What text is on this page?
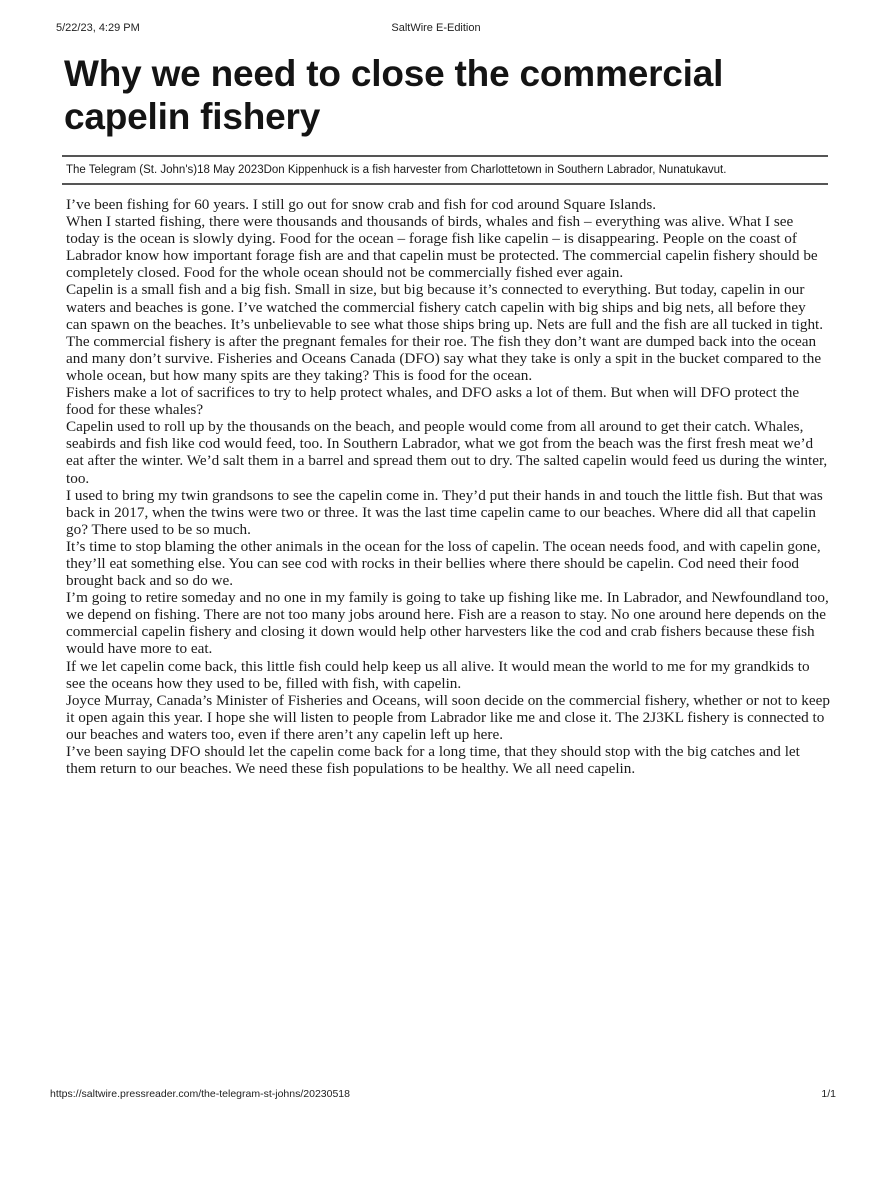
5/22/23, 4:29 PM	SaltWire E-Edition
Why we need to close the commercial capelin fishery
The Telegram (St. John's)18 May 2023Don Kippenhuck is a fish harvester from Charlottetown in Southern Labrador, Nunatukavut.

I’ve been fishing for 60 years. I still go out for snow crab and fish for cod around Square Islands.

When I started fishing, there were thousands and thousands of birds, whales and fish – everything was alive. What I see today is the ocean is slowly dying. Food for the ocean – forage fish like capelin – is disappearing. People on the coast of Labrador know how important forage fish are and that capelin must be protected. The commercial capelin fishery should be completely closed. Food for the whole ocean should not be commercially fished ever again.

Capelin is a small fish and a big fish. Small in size, but big because it’s connected to everything. But today, capelin in our waters and beaches is gone. I’ve watched the commercial fishery catch capelin with big ships and big nets, all before they can spawn on the beaches. It’s unbelievable to see what those ships bring up. Nets are full and the fish are all tucked in tight.

The commercial fishery is after the pregnant females for their roe. The fish they don’t want are dumped back into the ocean and many don’t survive. Fisheries and Oceans Canada (DFO) say what they take is only a spit in the bucket compared to the whole ocean, but how many spits are they taking? This is food for the ocean.

Fishers make a lot of sacrifices to try to help protect whales, and DFO asks a lot of them. But when will DFO protect the food for these whales?

Capelin used to roll up by the thousands on the beach, and people would come from all around to get their catch. Whales, seabirds and fish like cod would feed, too. In Southern Labrador, what we got from the beach was the first fresh meat we’d eat after the winter. We’d salt them in a barrel and spread them out to dry. The salted capelin would feed us during the winter, too.

I used to bring my twin grandsons to see the capelin come in. They’d put their hands in and touch the little fish. But that was back in 2017, when the twins were two or three. It was the last time capelin came to our beaches. Where did all that capelin go? There used to be so much.

It’s time to stop blaming the other animals in the ocean for the loss of capelin. The ocean needs food, and with capelin gone, they’ll eat something else. You can see cod with rocks in their bellies where there should be capelin. Cod need their food brought back and so do we.

I’m going to retire someday and no one in my family is going to take up fishing like me. In Labrador, and Newfoundland too, we depend on fishing. There are not too many jobs around here. Fish are a reason to stay. No one around here depends on the commercial capelin fishery and closing it down would help other harvesters like the cod and crab fishers because these fish would have more to eat.

If we let capelin come back, this little fish could help keep us all alive. It would mean the world to me for my grandkids to see the oceans how they used to be, filled with fish, with capelin.

Joyce Murray, Canada’s Minister of Fisheries and Oceans, will soon decide on the commercial fishery, whether or not to keep it open again this year. I hope she will listen to people from Labrador like me and close it. The 2J3KL fishery is connected to our beaches and waters too, even if there aren’t any capelin left up here.

I’ve been saying DFO should let the capelin come back for a long time, that they should stop with the big catches and let them return to our beaches. We need these fish populations to be healthy. We all need capelin.

https://saltwire.pressreader.com/the-telegram-st-johns/20230518	1/1
